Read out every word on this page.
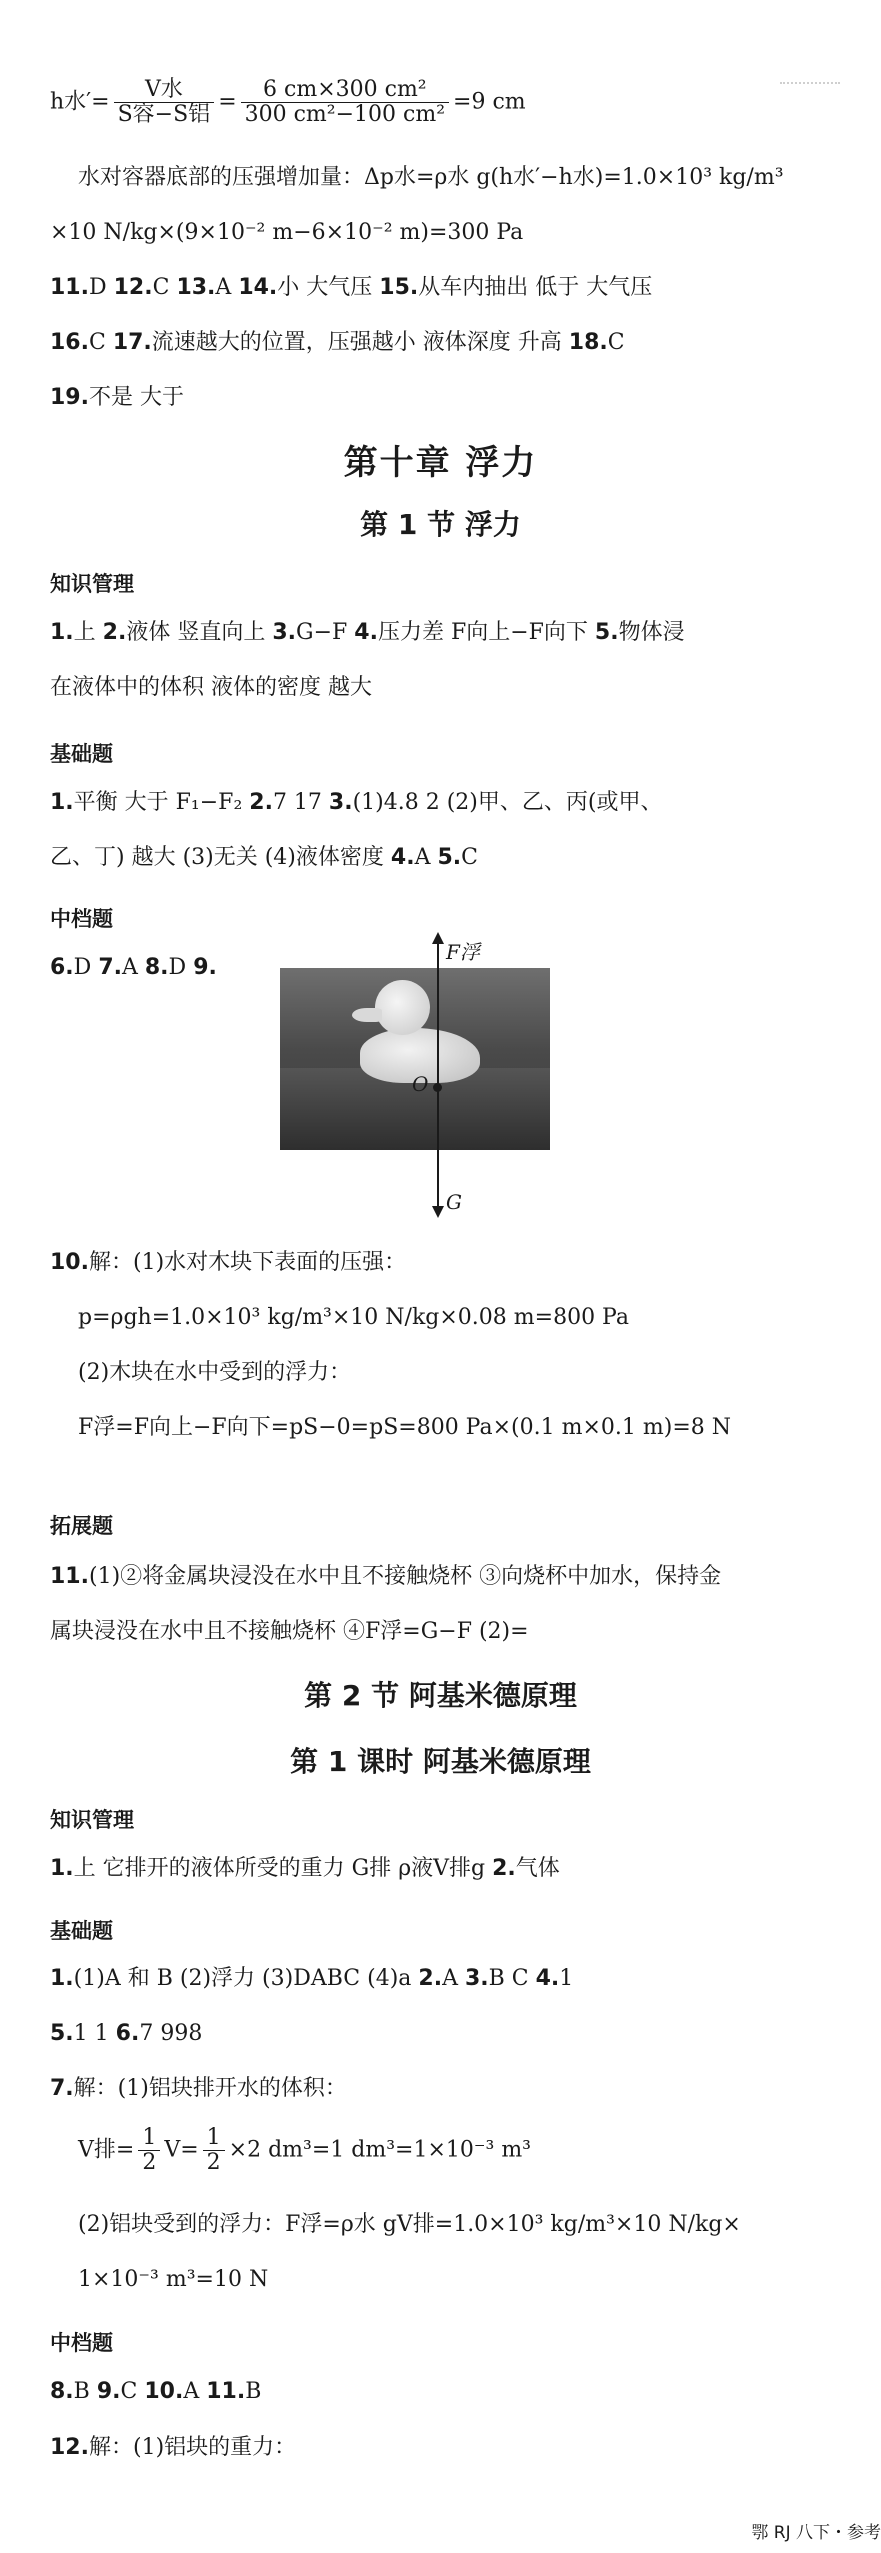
h水′= $\frac{\text{V水}}{\text{S容−S铝}} = \frac{\text{6 cm×300 cm²}}{\text{300 cm²−100 cm²}} =9$ cm
水对容器底部的压强增加量：Δp水=ρ水 g(h水′−h水)=1.0×10³ kg/m³
×10 N/kg×(9×10⁻² m−6×10⁻² m)=300 Pa
11.D 12.C 13.A 14.小 大气压 15.从车内抽出 低于 大气压
16.C 17.流速越大的位置，压强越小 液体深度 升高 18.C
19.不是 大于
第十章 浮力
第 1 节 浮力
知识管理
1.上 2.液体 竖直向上 3.G−F 4.压力差 F向上−F向下 5.物体浸
在液体中的体积 液体的密度 越大
基础题
1.平衡 大于 F₁−F₂ 2.7 17 3.(1)4.8 2 (2)甲、乙、丙(或甲、
乙、丁) 越大 (3)无关 (4)液体密度 4.A 5.C
中档题
6.D 7.A 8.D 9.
F浮
O
G
10.解：(1)水对木块下表面的压强：
p=ρgh=1.0×10³ kg/m³×10 N/kg×0.08 m=800 Pa
(2)木块在水中受到的浮力：
F浮=F向上−F向下=pS−0=pS=800 Pa×(0.1 m×0.1 m)=8 N
拓展题
11.(1)②将金属块浸没在水中且不接触烧杯 ③向烧杯中加水，保持金
属块浸没在水中且不接触烧杯 ④F浮=G−F (2)=
第 2 节 阿基米德原理
第 1 课时 阿基米德原理
知识管理
1.上 它排开的液体所受的重力 G排 ρ液V排g 2.气体
基础题
1.(1)A 和 B (2)浮力 (3)DABC (4)a 2.A 3.B C 4.1
5.1 1 6.7 998
7.解：(1)铝块排开水的体积：
V排= $\frac{1}{2} V= \frac{1}{2} \times 2$ dm³=1 dm³=1×10⁻³ m³
(2)铝块受到的浮力：F浮=ρ水 gV排=1.0×10³ kg/m³×10 N/kg×
1×10⁻³ m³=10 N
中档题
8.B 9.C 10.A 11.B
12.解：(1)铝块的重力：
鄂 RJ 八下・参考
